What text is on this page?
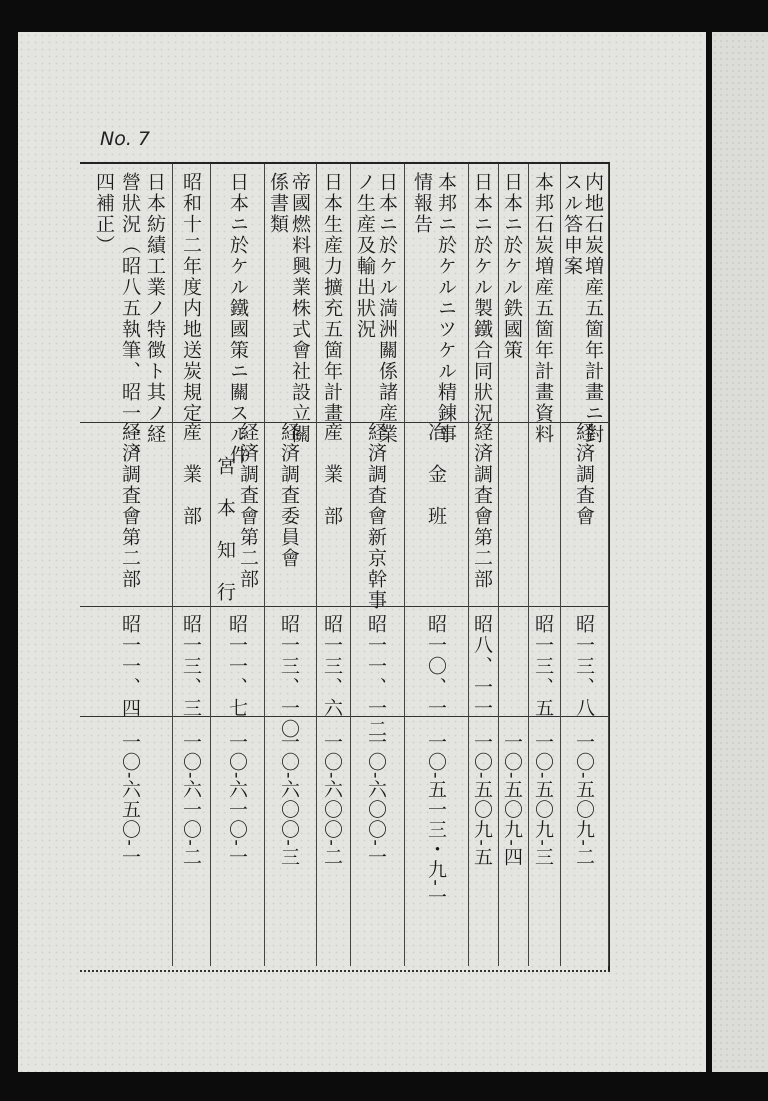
No. 7
内地石炭増産五箇年計畫ニ對
スル答申案
経済調査會
昭一三、八
一〇-五〇九-二
本邦石炭増産五箇年計畫資料
昭一三、五
一〇-五〇九-三
日本ニ於ケル鉄國策
一〇-五〇九-四
日本ニ於ケル製鐵合同狀況
経済調査會第二部
昭八、一一
一〇-五〇九-五
本邦ニ於ケルニツケル精錬事
情報告
冶　金　班
昭一〇、一
一〇-五一三・九-一
日本ニ於ケル満洲關係諸産業
ノ生産及輸出狀況
経済調査會新京幹事
昭一一、一二
一〇-六〇〇-一
日本生産力擴充五箇年計畫
産　業　部
昭一三、六
一〇-六〇〇-二
帝國燃料興業株式會社設立關
係書類
経済調査委員會
昭一三、一〇
一〇-六〇〇-三
日本ニ於ケル鐵國策ニ關スル件
経済調査會第二部
宮　本　知　行
昭一一、七
一〇-六一〇-一
昭和十二年度内地送炭規定
産　業　部
昭一三、三
一〇-六一〇-二
日本紡績工業ノ特徴ト其ノ経
營狀況（昭八五執筆、昭一一、
四補正）
経済調査會第二部
昭一一、四
一〇-六五〇-一
